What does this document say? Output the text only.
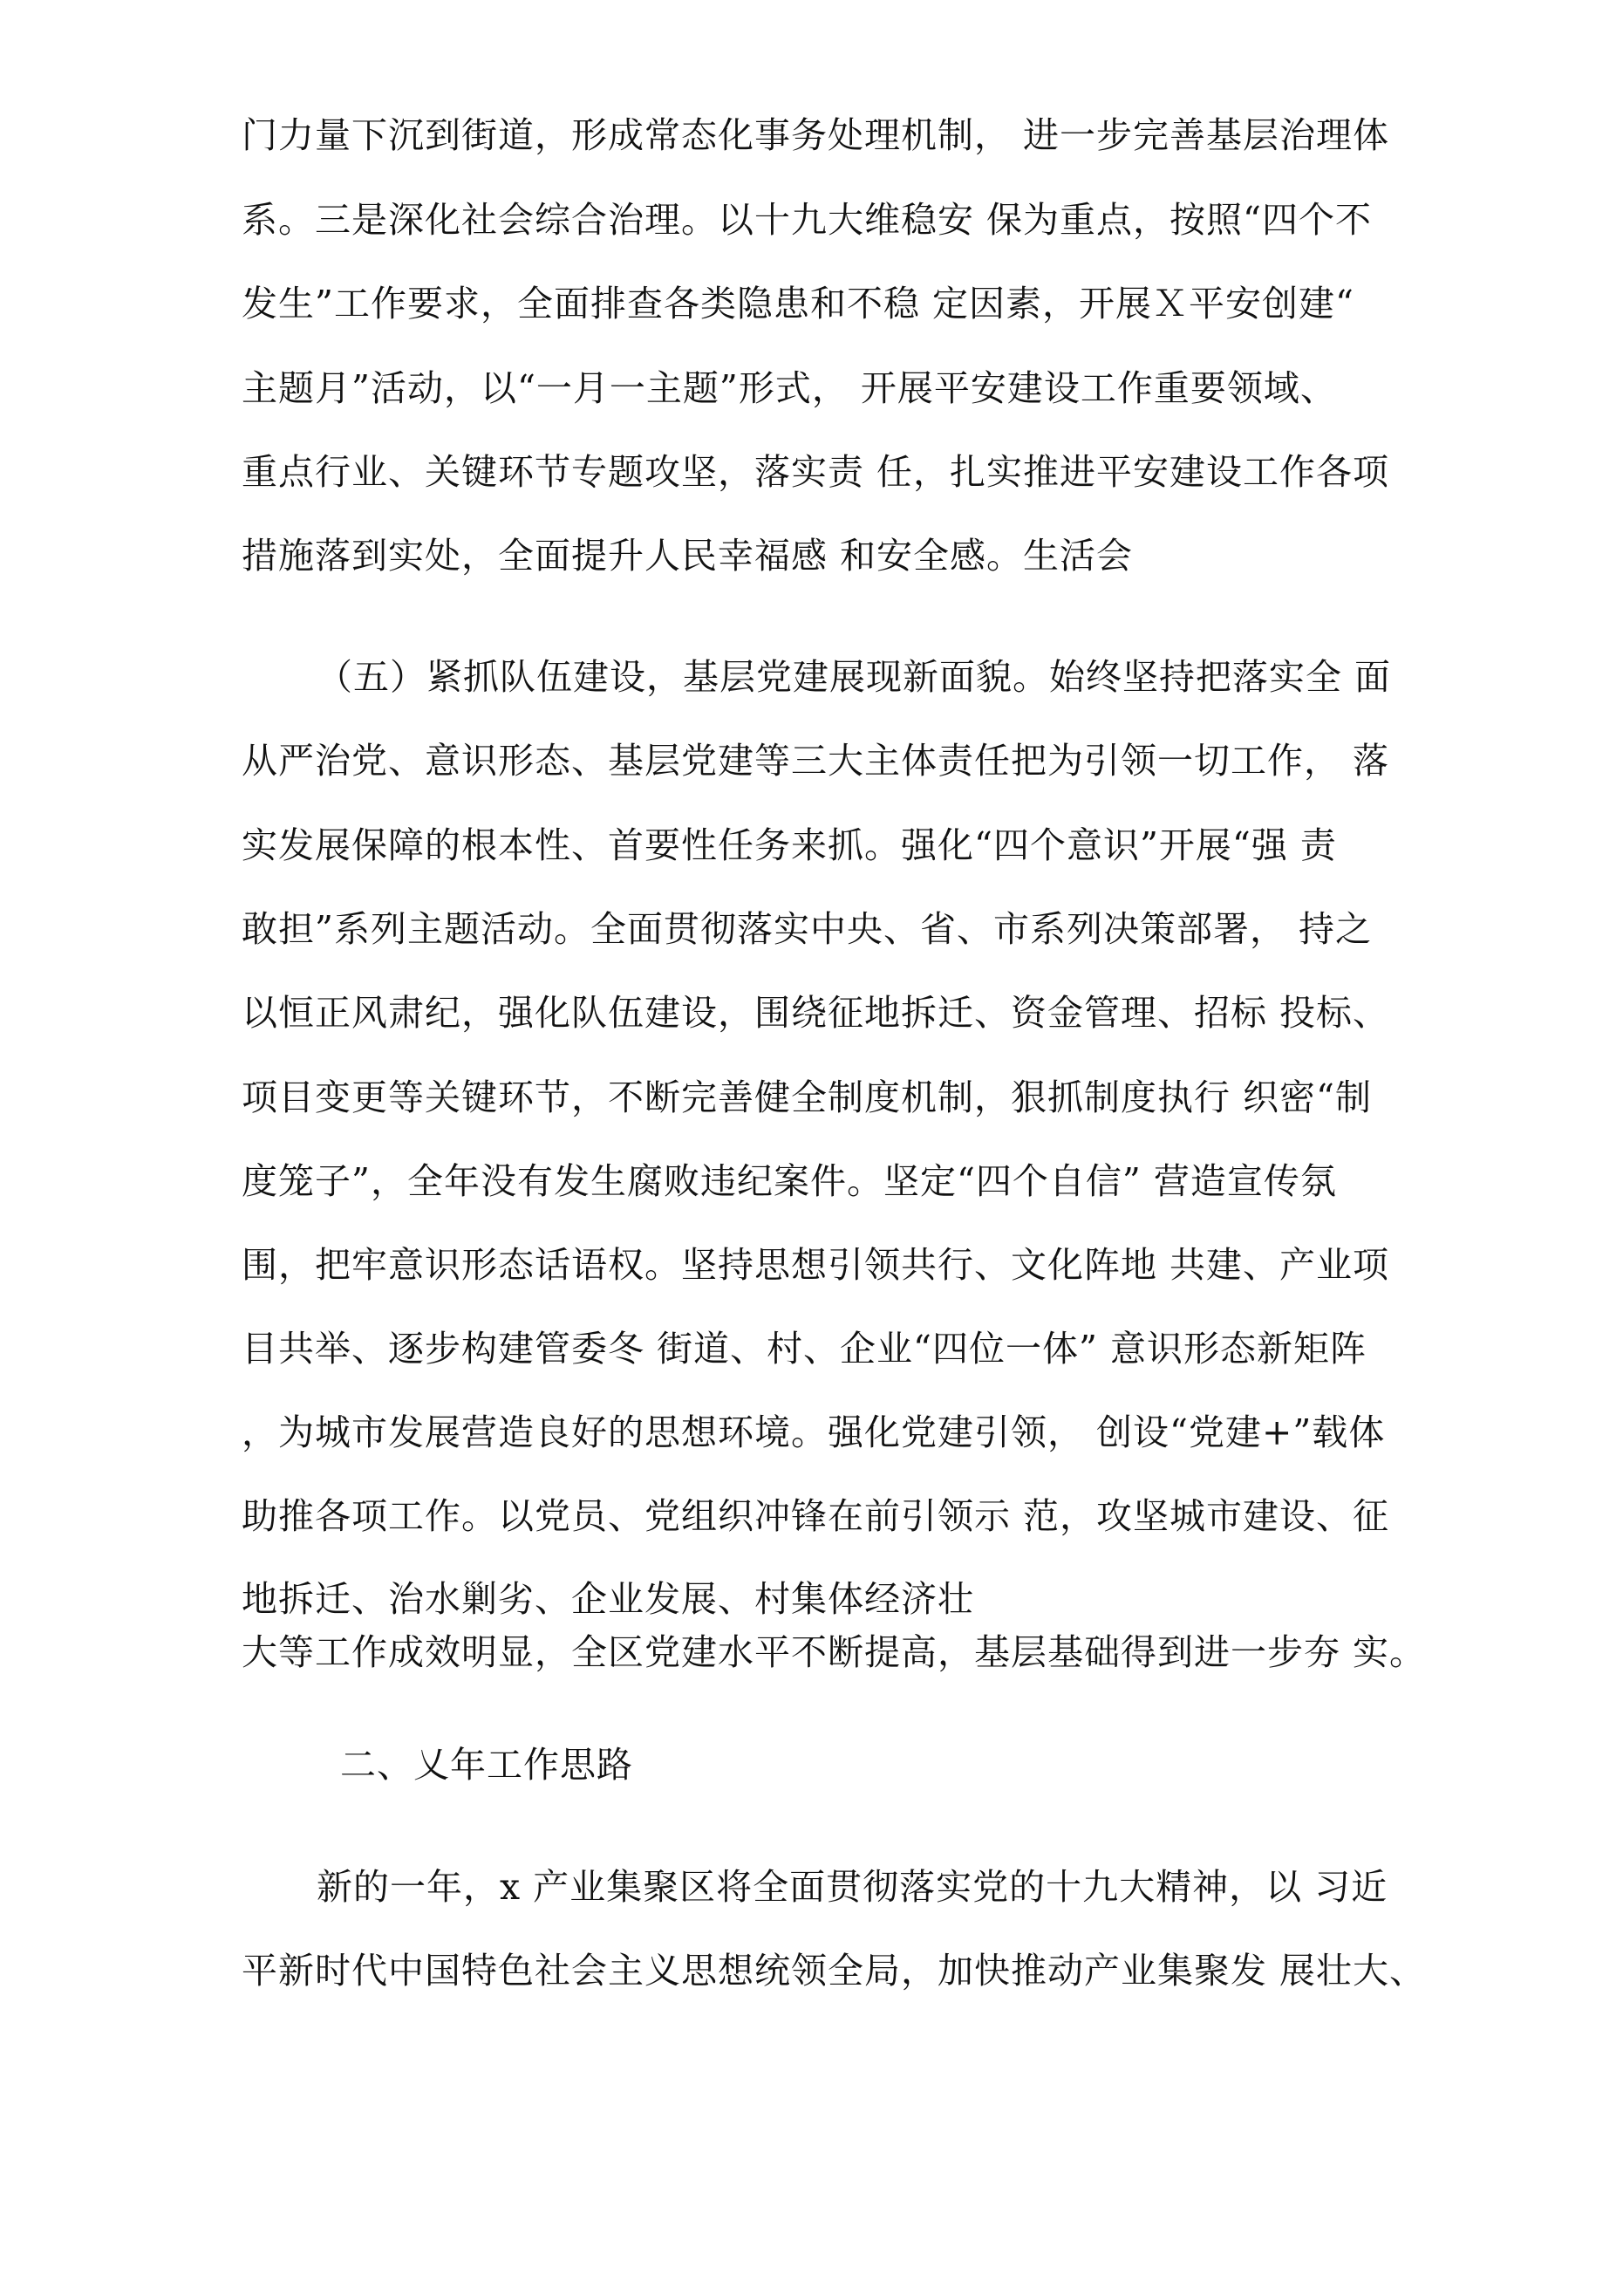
门力量下沉到街道，形成常态化事务处理机制， 进一步完善基层治理体
系。三是深化社会综合治理。以十九大维稳安 保为重点，按照“四个不
发生”工作要求，全面排查各类隐患和不稳 定因素，开展Ｘ平安创建“
主题月”活动，以“一月一主题”形式， 开展平安建设工作重要领域、
重点行业、关键环节专题攻坚，落实责 任，扎实推进平安建设工作各项
措施落到实处，全面提升人民幸福感 和安全感。生活会
（五）紧抓队伍建设，基层党建展现新面貌。始终坚持把落实全 面
从严治党、意识形态、基层党建等三大主体责任把为引领一切工作， 落
实发展保障的根本性、首要性任务来抓。强化“四个意识”开展“强 责
敢担”系列主题活动。全面贯彻落实中央、省、市系列决策部署， 持之
以恒正风肃纪，强化队伍建设，围绕征地拆迁、资金管理、招标 投标、
项目变更等关键环节，不断完善健全制度机制，狠抓制度执行 织密“制
度笼子”，全年没有发生腐败违纪案件。坚定“四个自信” 营造宣传氛
围，把牢意识形态话语权。坚持思想引领共行、文化阵地 共建、产业项
目共举、逐步构建管委冬 街道、村、企业“四位一体” 意识形态新矩阵
，为城市发展营造良好的思想环境。强化党建引领， 创设“党建+”载体
助推各项工作。以党员、党组织冲锋在前引领示 范，攻坚城市建设、征
地拆迁、治水剿劣、企业发展、村集体经济壮
大等工作成效明显，全区党建水平不断提高，基层基础得到进一步夯 实。
二、乂年工作思路
新的一年，x 产业集聚区将全面贯彻落实党的十九大精神，以 习近
平新时代中国特色社会主义思想统领全局，加快推动产业集聚发 展壮大、
